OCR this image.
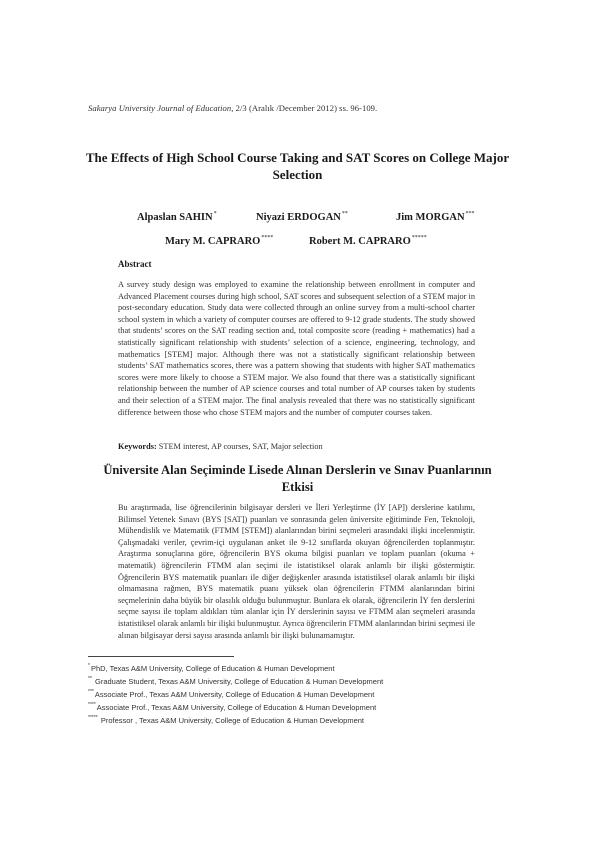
Sakarya University Journal of Education, 2/3 (Aralık /December 2012) ss. 96-109.
The Effects of High School Course Taking and SAT Scores on College Major Selection
Alpaslan SAHIN*	Niyazi ERDOGAN**	Jim MORGAN***
Mary M. CAPRARO****	Robert M. CAPRARO*****
Abstract

A survey study design was employed to examine the relationship between enrollment in computer and Advanced Placement courses during high school, SAT scores and subsequent selection of a STEM major in post-secondary education. Study data were collected through an online survey from a multi-school charter school system in which a variety of computer courses are offered to 9-12 grade students. The study showed that students’ scores on the SAT reading section and, total composite score (reading + mathematics) had a statistically significant relationship with students’ selection of a science, engineering, technology, and mathematics [STEM] major. Although there was not a statistically significant relationship between students’ SAT mathematics scores, there was a pattern showing that students with higher SAT mathematics scores were more likely to choose a STEM major. We also found that there was a statistically significant relationship between the number of AP science courses and total number of AP courses taken by students and their selection of a STEM major. The final analysis revealed that there was no statistically significant difference between those who chose STEM majors and the number of computer courses taken.

Keywords: STEM interest, AP courses, SAT, Major selection
Üniversite Alan Seçiminde Lisede Alınan Derslerin ve Sınav Puanlarının Etkisi

Bu araştırmada, lise öğrencilerinin bilgisayar dersleri ve İleri Yerleştirme (İY [AP]) derslerine katılımı, Bilimsel Yetenek Sınavı (BYS [SAT]) puanları ve sonrasında gelen üniversite eğitiminde Fen, Teknoloji, Mühendislik ve Matematik (FTMM [STEM]) alanlarından birini seçmeleri arasındaki ilişki incelenmiştir. Çalışmadaki veriler, çevrim-içi uygulanan anket ile 9-12 sınıflarda okuyan öğrencilerden toplanmıştır. Araştırma sonuçlarına göre, öğrencilerin BYS okuma bilgisi puanları ve toplam puanları (okuma + matematik) öğrencilerin FTMM alan seçimi ile istatistiksel olarak anlamlı bir ilişki göstermiştir. Öğrencilerin BYS matematik puanları ile diğer değişkenler arasında istatistiksel olarak anlamlı bir ilişki olmamasına rağmen, BYS matematik puanı yüksek olan öğrencilerin FTMM alanlarından birini seçmelerinin daha büyük bir olasılık olduğu bulunmuştur. Bunlara ek olarak, öğrencilerin İY fen derslerini seçme sayısı ile toplam aldıkları tüm alanlar için İY derslerinin sayısı ve FTMM alan seçmeleri arasında istatistiksel olarak anlamlı bir ilişki bulunmuştur. Ayrıca öğrencilerin FTMM alanlarından birini seçmesi ile alınan bilgisayar dersi sayısı arasında anlamlı bir ilişki bulunamamıştır.

*PhD, Texas A&M University, College of Education & Human Development
** Graduate Student, Texas A&M University, College of Education & Human Development
***Associate Prof., Texas A&M University, College of Education & Human Development
****Associate Prof., Texas A&M University, College of Education & Human Development
***** Professor , Texas A&M University, College of Education & Human Development
